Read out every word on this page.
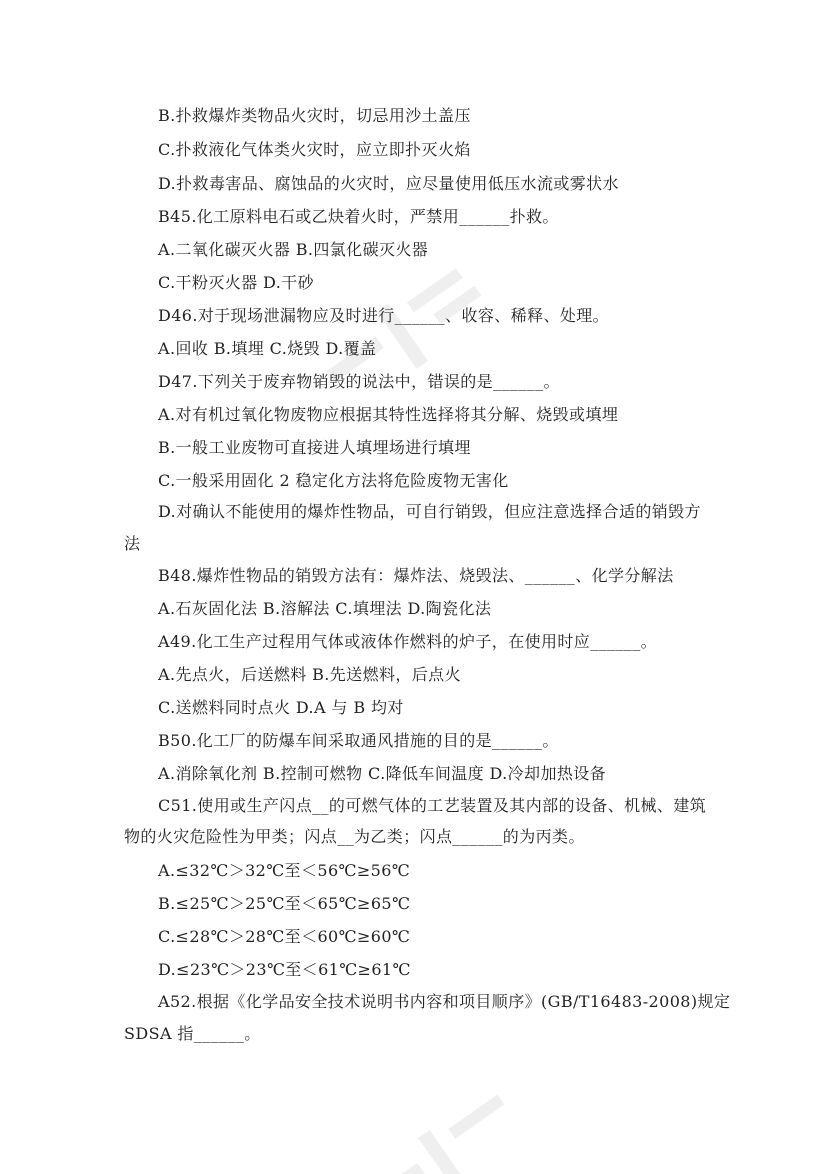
B.扑救爆炸类物品火灾时，切忌用沙土盖压
C.扑救液化气体类火灾时，应立即扑灭火焰
D.扑救毒害品、腐蚀品的火灾时，应尽量使用低压水流或雾状水
B45.化工原料电石或乙炔着火时，严禁用______扑救。
A.二氧化碳灭火器 B.四氯化碳灭火器
C.干粉灭火器 D.干砂
D46.对于现场泄漏物应及时进行______、收容、稀释、处理。
A.回收 B.填埋 C.烧毁 D.覆盖
D47.下列关于废弃物销毁的说法中，错误的是______。
A.对有机过氧化物废物应根据其特性选择将其分解、烧毁或填埋
B.一般工业废物可直接进人填埋场进行填埋
C.一般采用固化 2 稳定化方法将危险废物无害化
D.对确认不能使用的爆炸性物品，可自行销毁，但应注意选择合适的销毁方
法
B48.爆炸性物品的销毁方法有：爆炸法、烧毁法、______、化学分解法
A.石灰固化法 B.溶解法 C.填埋法 D.陶瓷化法
A49.化工生产过程用气体或液体作燃料的炉子，在使用时应______。
A.先点火，后送燃料 B.先送燃料，后点火
C.送燃料同时点火 D.A 与 B 均对
B50.化工厂的防爆车间采取通风措施的目的是______。
A.消除氧化剂 B.控制可燃物 C.降低车间温度 D.冷却加热设备
C51.使用或生产闪点__的可燃气体的工艺装置及其内部的设备、机械、建筑
物的火灾危险性为甲类；闪点__为乙类；闪点______的为丙类。
A.≤32℃＞32℃至＜56℃≥56℃
B.≤25℃＞25℃至＜65℃≥65℃
C.≤28℃＞28℃至＜60℃≥60℃
D.≤23℃＞23℃至＜61℃≥61℃
A52.根据《化学品安全技术说明书内容和项目顺序》(GB/T16483-2008)规定
SDSA 指______。
